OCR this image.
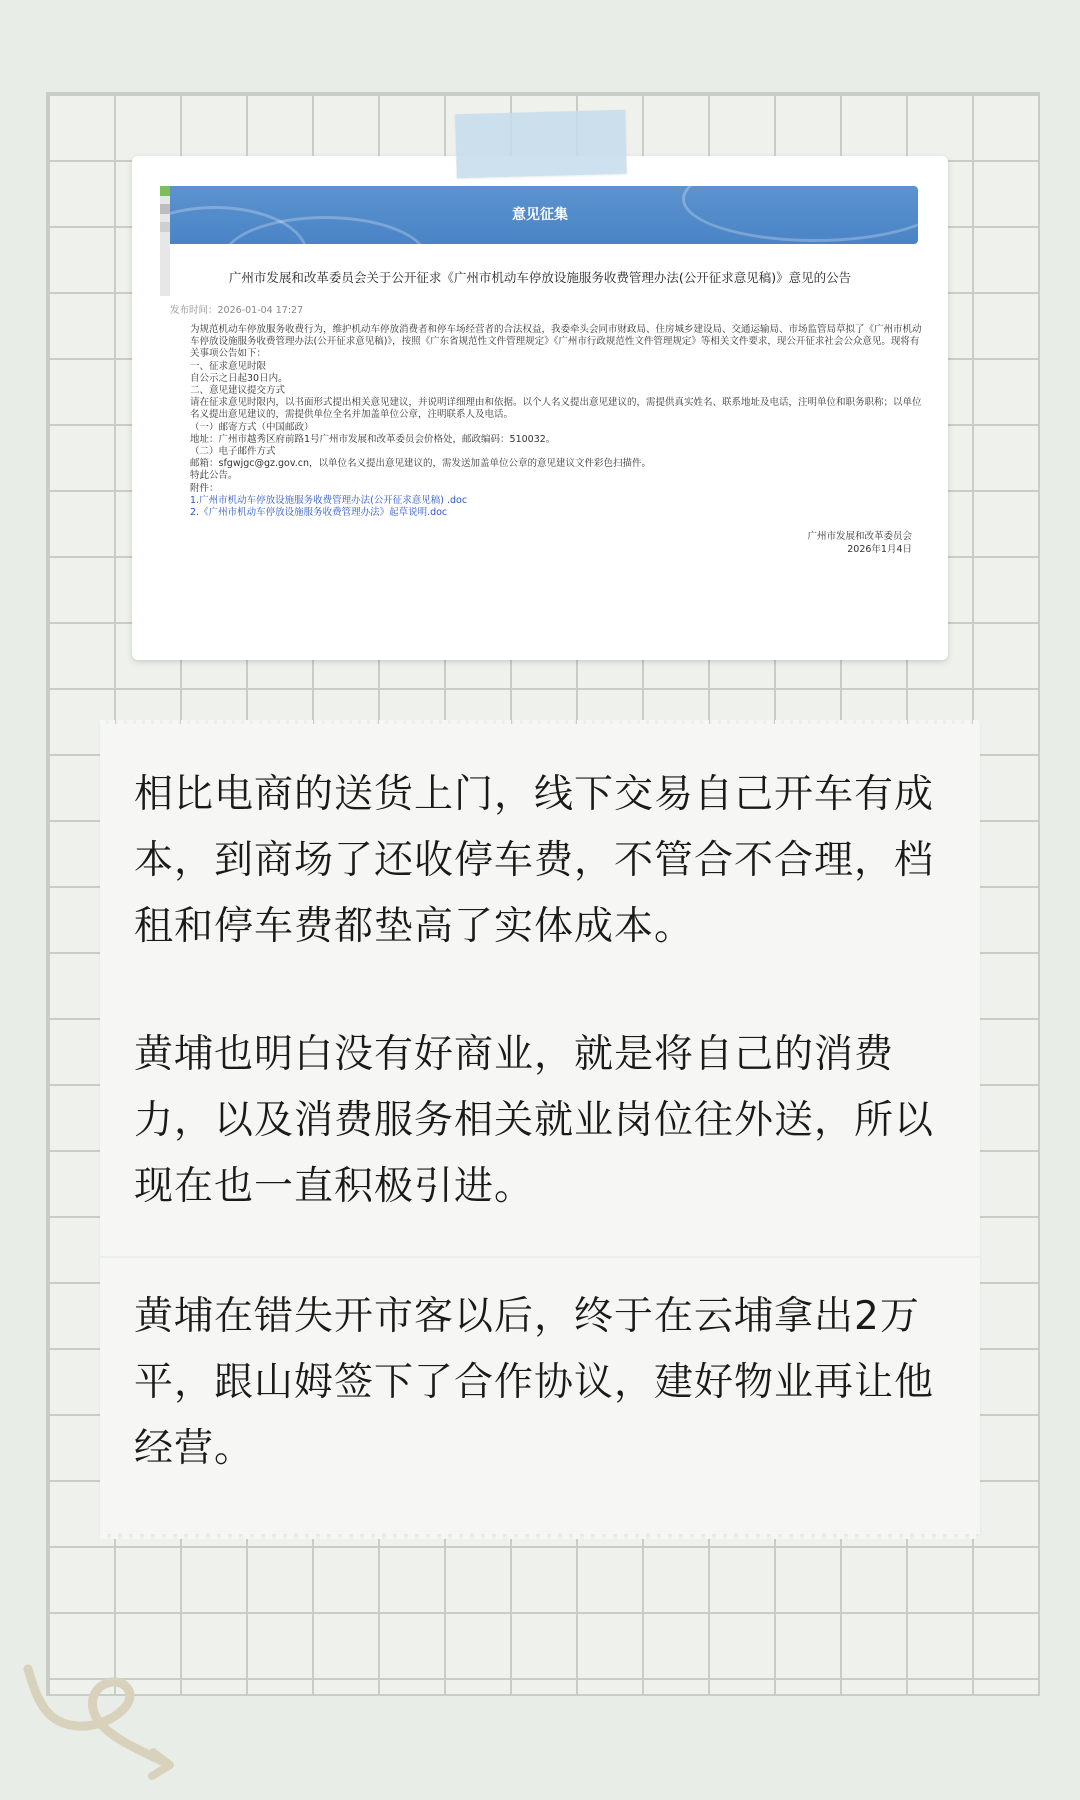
意见征集
广州市发展和改革委员会关于公开征求《广州市机动车停放设施服务收费管理办法(公开征求意见稿)》意见的公告
发布时间：2026-01-04 17:27

为规范机动车停放服务收费行为，维护机动车停放消费者和停车场经营者的合法权益，我委牵头会同市财政局、住房城乡建设局、交通运输局、市场监管局草拟了《广州市机动车停放设施服务收费管理办法(公开征求意见稿)》，按照《广东省规范性文件管理规定》《广州市行政规范性文件管理规定》等相关文件要求，现公开征求社会公众意见。现将有关事项公告如下：

一、征求意见时限

自公示之日起30日内。

二、意见建议提交方式

请在征求意见时限内，以书面形式提出相关意见建议，并说明详细理由和依据。以个人名义提出意见建议的，需提供真实姓名、联系地址及电话，注明单位和职务职称；以单位名义提出意见建议的，需提供单位全名并加盖单位公章，注明联系人及电话。

（一）邮寄方式（中国邮政）

地址：广州市越秀区府前路1号广州市发展和改革委员会价格处，邮政编码：510032。

（二）电子邮件方式

邮箱：sfgwjgc@gz.gov.cn，以单位名义提出意见建议的，需发送加盖单位公章的意见建议文件彩色扫描件。

特此公告。

附件：

1.广州市机动车停放设施服务收费管理办法(公开征求意见稿) .doc

2.《广州市机动车停放设施服务收费管理办法》起草说明.doc

广州市发展和改革委员会
2026年1月4日

相比电商的送货上门，线下交易自己开车有成本，到商场了还收停车费，不管合不合理，档租和停车费都垫高了实体成本。

黄埔也明白没有好商业，就是将自己的消费力，以及消费服务相关就业岗位往外送，所以现在也一直积极引进。

黄埔在错失开市客以后，终于在云埔拿出2万平，跟山姆签下了合作协议，建好物业再让他经营。
